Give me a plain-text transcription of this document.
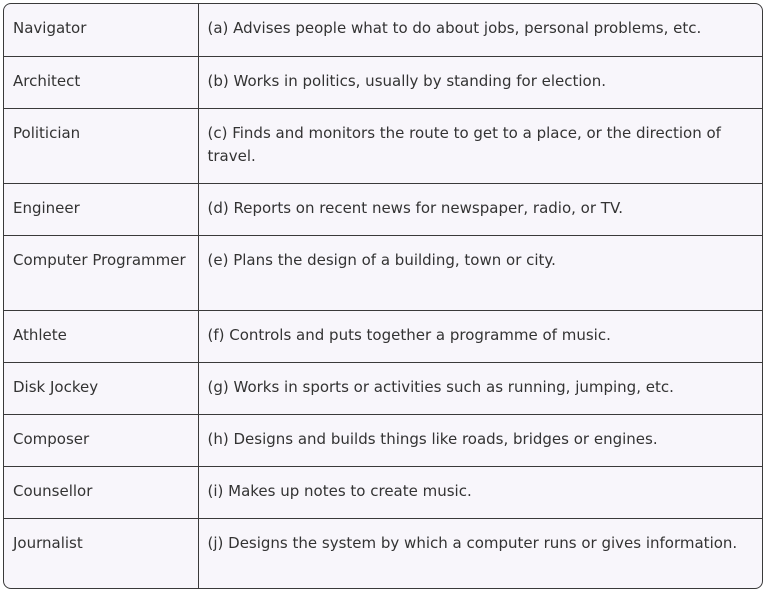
Navigator	(a) Advises people what to do about jobs, personal problems, etc.
Architect	(b) Works in politics, usually by standing for election.
Politician	(c) Finds and monitors the route to get to a place, or the direction of travel.
Engineer	(d) Reports on recent news for newspaper, radio, or TV.
Computer Programmer	(e) Plans the design of a building, town or city.
Athlete	(f) Controls and puts together a programme of music.
Disk Jockey	(g) Works in sports or activities such as running, jumping, etc.
Composer	(h) Designs and builds things like roads, bridges or engines.
Counsellor	(i) Makes up notes to create music.
Journalist	(j) Designs the system by which a computer runs or gives information.
